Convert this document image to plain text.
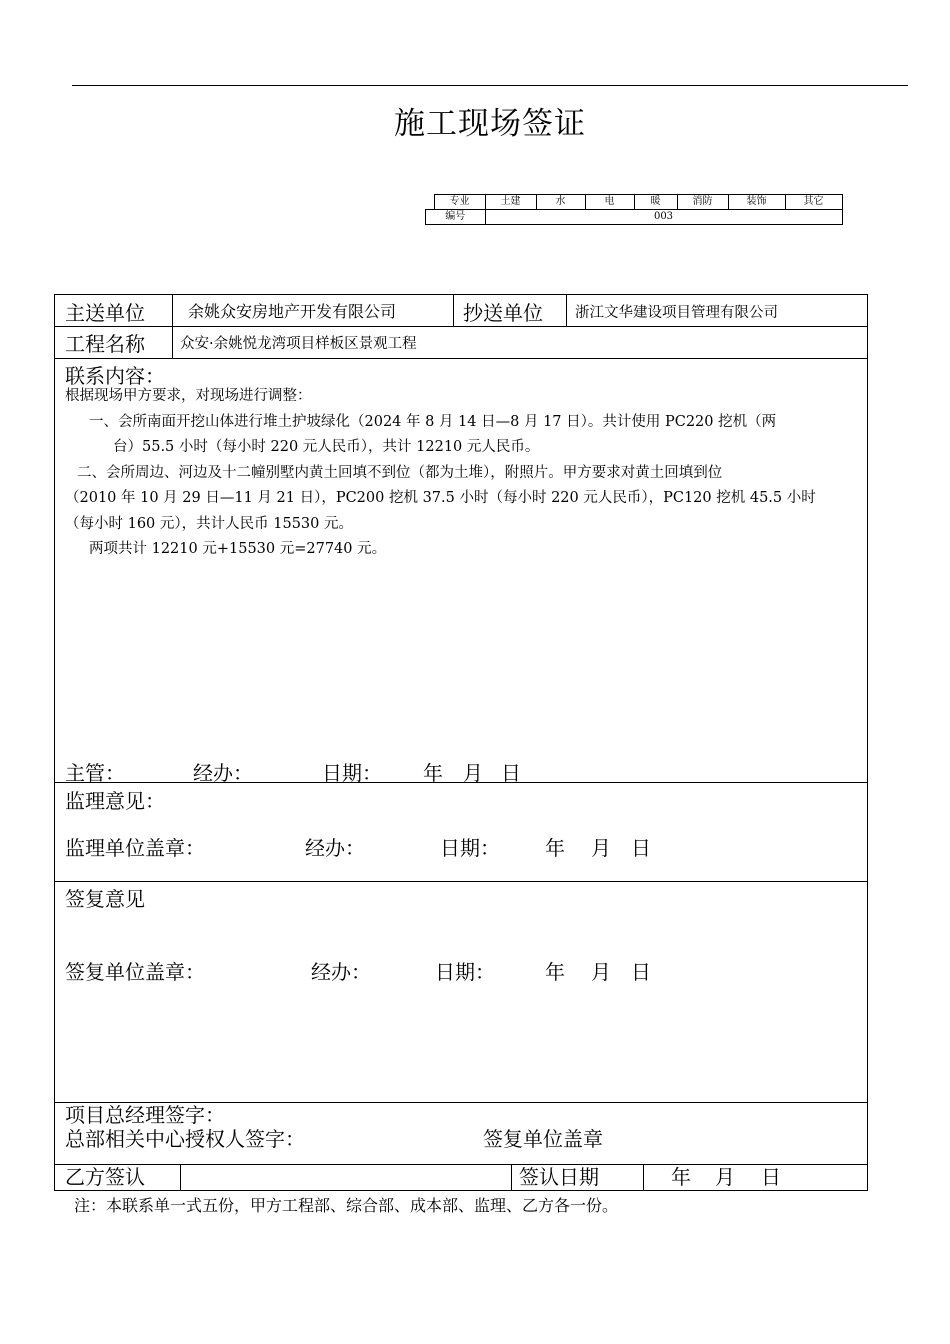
施工现场签证
	专业	土建	水	电	暖	消防	装饰	其它
编号		003						
主送单位	余姚众安房地产开发有限公司	抄送单位 浙江文华建设项目管理有限公司
工程名称 众安·余姚悦龙湾项目样板区景观工程
联系内容：
根据现场甲方要求，对现场进行调整：
一、会所南面开挖山体进行堆土护坡绿化（2024 年 8 月 14 日—8 月 17 日）。共计使用 PC220 挖机（两
台）55.5 小时（每小时 220 元人民币），共计 12210 元人民币。
二、会所周边、河边及十二幢别墅内黄土回填不到位（都为土堆），附照片。甲方要求对黄土回填到位
（2010 年 10 月 29 日—11 月 21 日），PC200 挖机 37.5 小时（每小时 220 元人民币），PC120 挖机 45.5 小时
（每小时 160 元），共计人民币 15530 元。
两项共计 12210 元+15530 元=27740 元。
主管：	经办：	日期： 年 月 日
监理意见：
监理单位盖章：	经办：	日期： 年 月 日
签复意见
签复单位盖章：	经办：	日期：	年 月 日
项目总经理签字：
总部相关中心授权人签字：	签复单位盖章
乙方签认	签认日期	年 月 日
注：本联系单一式五份，甲方工程部、综合部、成本部、监理、乙方各一份。
